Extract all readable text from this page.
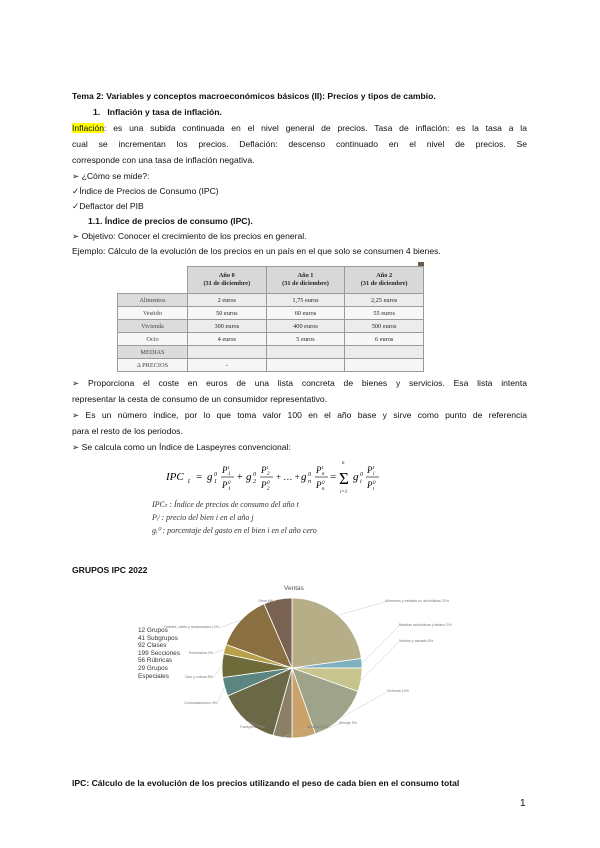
Tema 2: Variables y conceptos macroeconómicos básicos (II): Precios y tipos de cambio.
1.   Inflación y tasa de inflación.
Inflación: es una subida continuada en el nivel general de precios. Tasa de inflación: es la tasa a la
cual se incrementan los precios. Deflación: descenso continuado en el nivel de precios. Se
corresponde con una tasa de inflación negativa.
➢ ¿Cómo se mide?:
✓Índice de Precios de Consumo (IPC)
✓Deflactor del PIB
1.1. Índice de precios de consumo (IPC).
➢ Objetivo: Conocer el crecimiento de los precios en general.
Ejemplo: Cálculo de la evolución de los precios en un país en el que solo se consumen 4 bienes.
	Año 0
(31 de diciembre)	Año 1
(31 de diciembre)	Año 2
(31 de diciembre)
Alimentos	2 euros	1,75 euros	2,25 euros
Vestido	50 euros	60 euros	55 euros
Vivienda	300 euros	400 euros	500 euros
Ocio	4 euros	5 euros	6 euros
MEDIAS			
Δ PRECIOS	-		
➢ Proporciona el coste en euros de una lista concreta de bienes y servicios. Esa lista intenta
representar la cesta de consumo de un consumidor representativo.
➢ Es un número índice, por lo que toma valor 100 en el año base y sirve como punto de referencia
para el resto de los periodos.
➢ Se calcula como un Índice de Laspeyres convencional:
IPC t = g 0
1
P t
1
P 0
1
+ g 0
2
P t
2
P 0
2
+ … + g 0
n
P t
n
P 0
n
=
n
Σ
i=1
g 0
i
P t
i
P 0
i
IPCₜ : Índice de precios de consumo del año t
Pᵢʲ : precio del bien i en el año j
gᵢ⁰ : porcentaje del gasto en el bien i en el año cero
GRUPOS IPC 2022
Alimentos y bebidas no alcohólicas 21%
Bebidas alcohólicas y tabaco 2%
Vestido y calzado 5%
Vivienda 13%
Menaje 5%
Medicina 4%
Transporte 13%
Comunicaciones 4%
Ocio y cultura 5%
Enseñanza 2%
Hoteles, cafés y restaurantes 12%
Otros 6%
Ventas
12 Grupos
41 Subgrupos
92 Clases
199 Secciones
56 Rúbricas
29 Grupos
Especiales
IPC: Cálculo de la evolución de los precios utilizando el peso de cada bien en el consumo total
1
